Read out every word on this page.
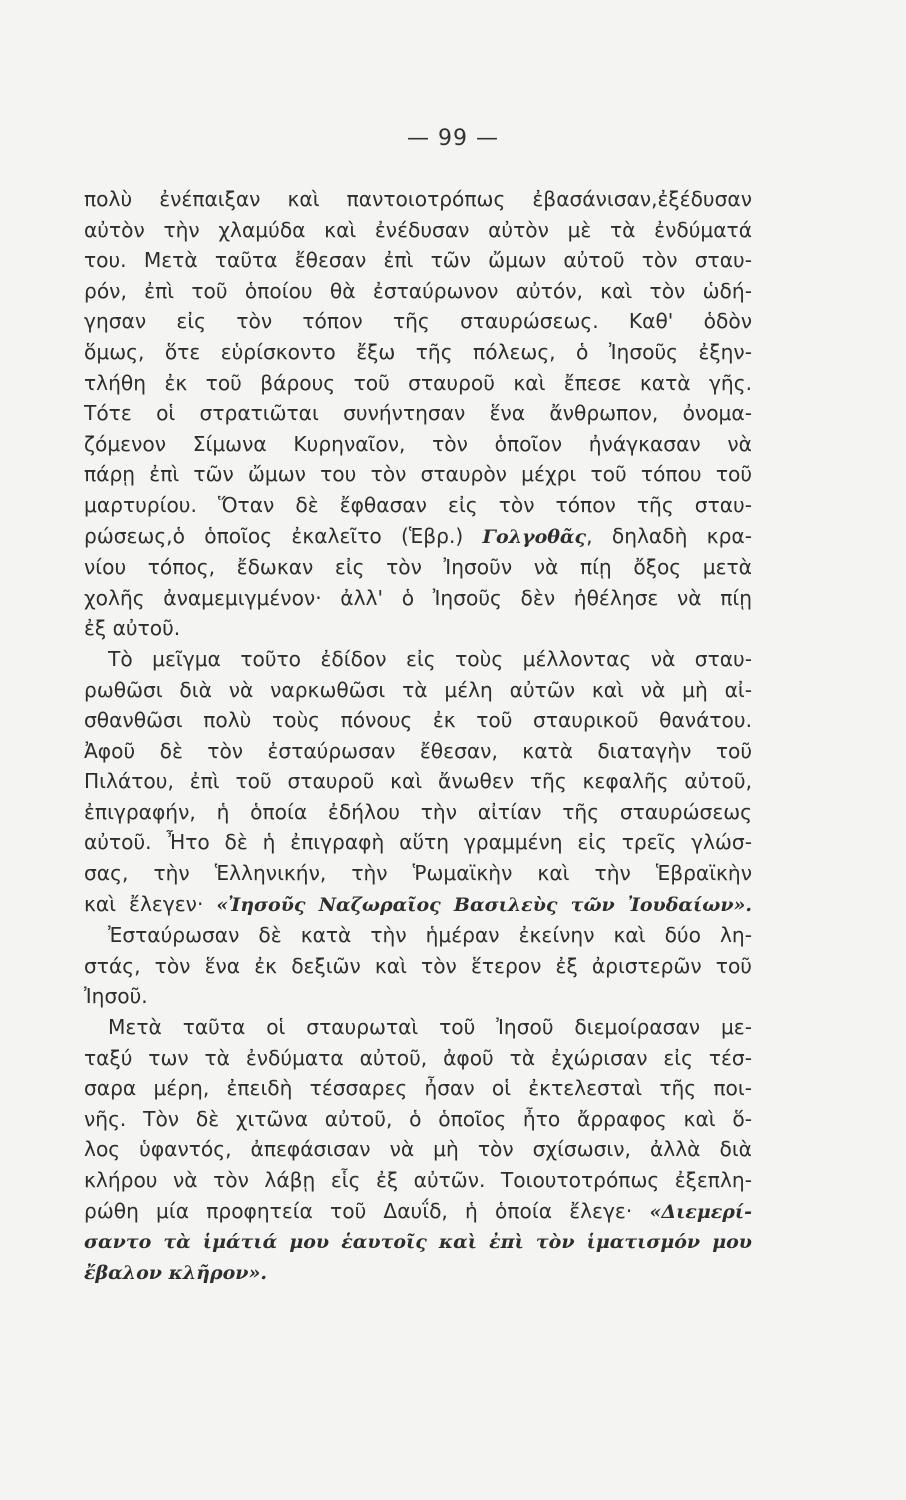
— 99 —
πολὺ ἐνέπαιξαν καὶ παντοιοτρόπως ἐβασάνισαν,ἐξέδυσαν
αὐτὸν τὴν χλαμύδα καὶ ἐνέδυσαν αὐτὸν μὲ τὰ ἐνδύματά
του. Μετὰ ταῦτα ἔθεσαν ἐπὶ τῶν ὤμων αὐτοῦ τὸν σταυ-
ρόν, ἐπὶ τοῦ ὁποίου θὰ ἐσταύρωνον αὐτόν, καὶ τὸν ὡδή-
γησαν εἰς τὸν τόπον τῆς σταυρώσεως. Καθ' ὁδὸν
ὅμως, ὅτε εὑρίσκοντο ἔξω τῆς πόλεως, ὁ Ἰησοῦς ἐξην-
τλήθη ἐκ τοῦ βάρους τοῦ σταυροῦ καὶ ἔπεσε κατὰ γῆς.
Τότε οἱ στρατιῶται συνήντησαν ἕνα ἄνθρωπον, ὀνομα-
ζόμενον Σίμωνα Κυρηναῖον, τὸν ὁποῖον ἠνάγκασαν νὰ
πάρῃ ἐπὶ τῶν ὤμων του τὸν σταυρὸν μέχρι τοῦ τόπου τοῦ
μαρτυρίου. Ὅταν δὲ ἔφθασαν εἰς τὸν τόπον τῆς σταυ-
ρώσεως,ὁ ὁποῖος ἐκαλεῖτο (Ἑβρ.) Γολγοθᾶς, δηλαδὴ κρα-
νίου τόπος, ἔδωκαν εἰς τὸν Ἰησοῦν νὰ πίῃ ὄξος μετὰ
χολῆς ἀναμεμιγμένον· ἀλλ' ὁ Ἰησοῦς δὲν ἠθέλησε νὰ πίῃ
ἐξ αὐτοῦ.
Τὸ μεῖγμα τοῦτο ἐδίδον εἰς τοὺς μέλλοντας νὰ σταυ-
ρωθῶσι διὰ νὰ ναρκωθῶσι τὰ μέλη αὐτῶν καὶ νὰ μὴ αἰ-
σθανθῶσι πολὺ τοὺς πόνους ἐκ τοῦ σταυρικοῦ θανάτου.
Ἀφοῦ δὲ τὸν ἐσταύρωσαν ἔθεσαν, κατὰ διαταγὴν τοῦ
Πιλάτου, ἐπὶ τοῦ σταυροῦ καὶ ἄνωθεν τῆς κεφαλῆς αὐτοῦ,
ἐπιγραφήν, ἡ ὁποία ἐδήλου τὴν αἰτίαν τῆς σταυρώσεως
αὐτοῦ. Ἦτο δὲ ἡ ἐπιγραφὴ αὕτη γραμμένη εἰς τρεῖς γλώσ-
σας, τὴν Ἑλληνικήν, τὴν Ῥωμαϊκὴν καὶ τὴν Ἑβραϊκὴν
καὶ ἔλεγεν· «Ἰησοῦς Ναζωραῖος Βασιλεὺς τῶν Ἰουδαίων».
Ἐσταύρωσαν δὲ κατὰ τὴν ἡμέραν ἐκείνην καὶ δύο λη-
στάς, τὸν ἕνα ἐκ δεξιῶν καὶ τὸν ἕτερον ἐξ ἀριστερῶν τοῦ
Ἰησοῦ.
Μετὰ ταῦτα οἱ σταυρωταὶ τοῦ Ἰησοῦ διεμοίρασαν με-
ταξύ των τὰ ἐνδύματα αὐτοῦ, ἀφοῦ τὰ ἐχώρισαν εἰς τέσ-
σαρα μέρη, ἐπειδὴ τέσσαρες ἦσαν οἱ ἐκτελεσταὶ τῆς ποι-
νῆς. Τὸν δὲ χιτῶνα αὐτοῦ, ὁ ὁποῖος ἦτο ἄρραφος καὶ ὅ-
λος ὑφαντός, ἀπεφάσισαν νὰ μὴ τὸν σχίσωσιν, ἀλλὰ διὰ
κλήρου νὰ τὸν λάβῃ εἷς ἐξ αὐτῶν. Τοιουτοτρόπως ἐξεπλη-
ρώθη μία προφητεία τοῦ Δαυΐδ, ἡ ὁποία ἔλεγε· «Διεμερί-
σαντο τὰ ἱμάτιά μου ἑαυτοῖς καὶ ἐπὶ τὸν ἱματισμόν μου
ἔβαλον κλῆρον».
